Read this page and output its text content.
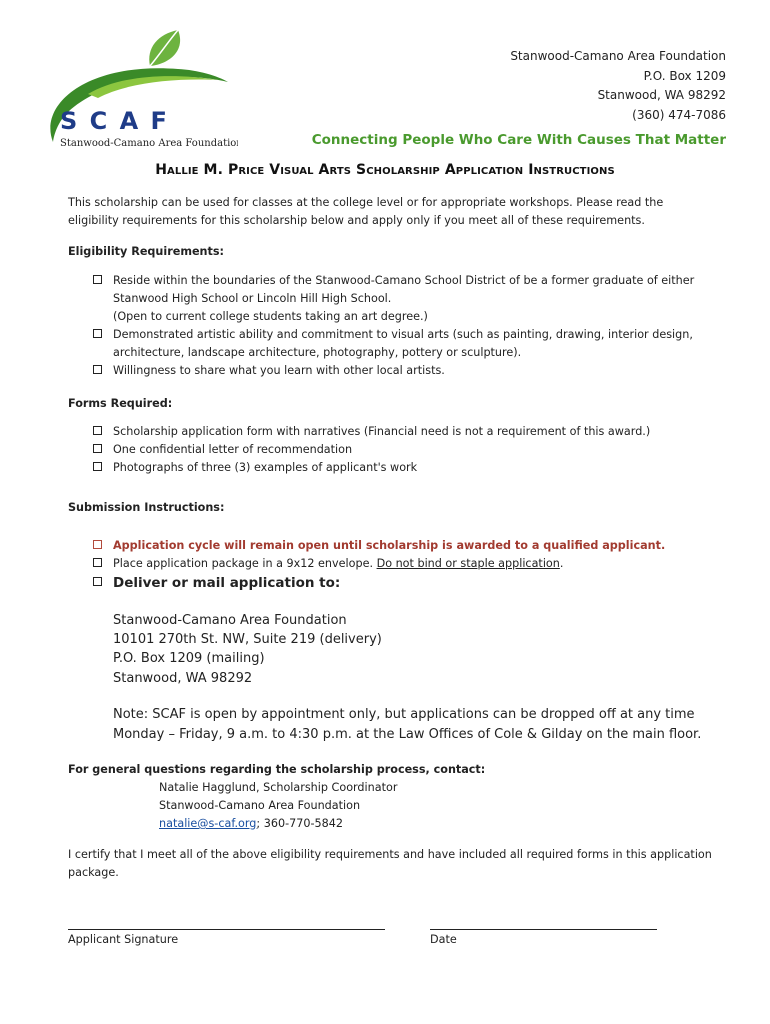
S C A F
Stanwood-Camano Area Foundation
Stanwood-Camano Area Foundation
P.O. Box 1209
Stanwood, WA 98292
(360) 474-7086
Connecting People Who Care With Causes That Matter
Hallie M. Price Visual Arts Scholarship Application Instructions
This scholarship can be used for classes at the college level or for appropriate workshops. Please read the eligibility requirements for this scholarship below and apply only if you meet all of these requirements.
Eligibility Requirements:
Reside within the boundaries of the Stanwood-Camano School District of be a former graduate of either
Stanwood High School or Lincoln Hill High School.
(Open to current college students taking an art degree.)
Demonstrated artistic ability and commitment to visual arts (such as painting, drawing, interior design,
architecture, landscape architecture, photography, pottery or sculpture).
Willingness to share what you learn with other local artists.
Forms Required:
Scholarship application form with narratives (Financial need is not a requirement of this award.)
One confidential letter of recommendation
Photographs of three (3) examples of applicant's work
Submission Instructions:
Application cycle will remain open until scholarship is awarded to a qualified applicant.
Place application package in a 9x12 envelope. Do not bind or staple application.
Deliver or mail application to:
Stanwood-Camano Area Foundation
10101 270th St. NW, Suite 219 (delivery)
P.O. Box 1209 (mailing)
Stanwood, WA 98292
Note: SCAF is open by appointment only, but applications can be dropped off at any time Monday – Friday, 9 a.m. to 4:30 p.m. at the Law Offices of Cole & Gilday on the main floor.
For general questions regarding the scholarship process, contact:
Natalie Hagglund, Scholarship Coordinator
Stanwood-Camano Area Foundation
natalie@s-caf.org; 360-770-5842
I certify that I meet all of the above eligibility requirements and have included all required forms in this application package.
Applicant Signature	Date
